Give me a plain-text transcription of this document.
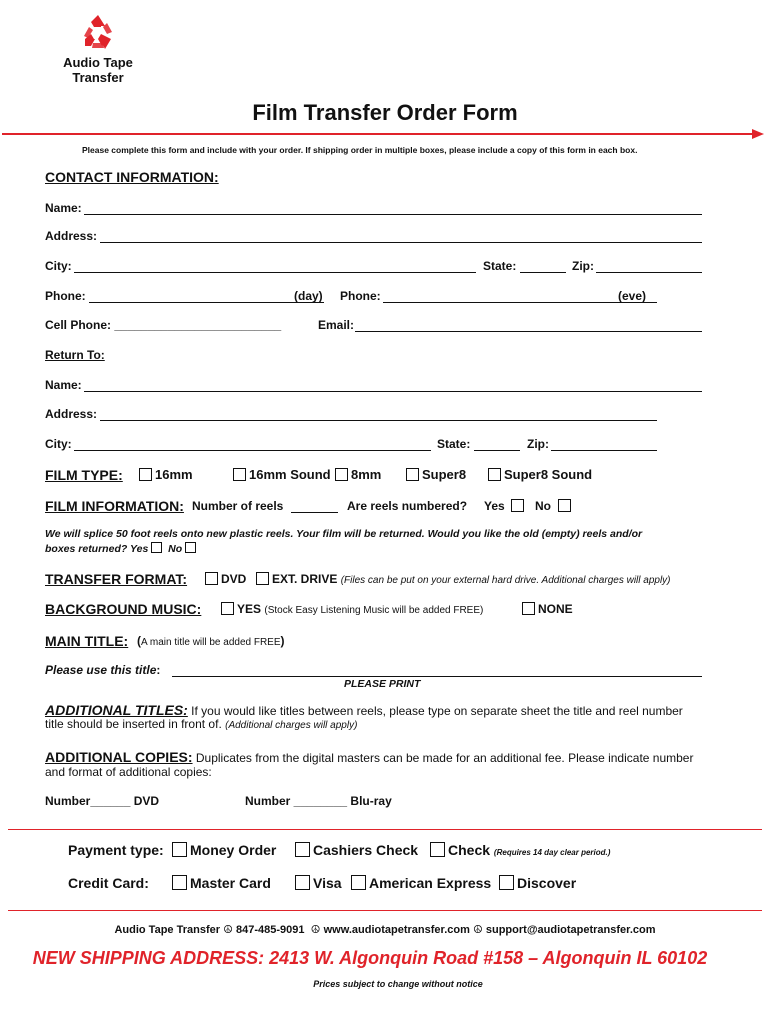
Audio Tape
Transfer
Film Transfer Order Form
Please complete this form and include with your order. If shipping order in multiple boxes, please include a copy of this form in each box.
CONTACT INFORMATION:
Name:
Address:
City:	State:	Zip:
Phone:	(day) Phone:	(eve)
Cell Phone: _________________________	Email:
Return To:
Name:
Address:
City:	State:	Zip:
FILM TYPE:	16mm	16mm Sound	8mm	Super8	Super8 Sound
FILM INFORMATION: Number of reels	Are reels numbered? Yes	No
We will splice 50 foot reels onto new plastic reels. Your film will be returned. Would you like the old (empty) reels and/or
boxes returned? Yes No
TRANSFER FORMAT:	DVD	EXT. DRIVE (Files can be put on your external hard drive. Additional charges will apply)
BACKGROUND MUSIC:	YES (Stock Easy Listening Music will be added FREE)	NONE
MAIN TITLE: (A main title will be added FREE)
Please use this title:
PLEASE PRINT
ADDITIONAL TITLES: If you would like titles between reels, please type on separate sheet the title and reel number
title should be inserted in front of. (Additional charges will apply)
ADDITIONAL COPIES: Duplicates from the digital masters can be made for an additional fee. Please indicate number
and format of additional copies:
Number______ DVD	Number ________ Blu-ray
Payment type:	Money Order	Cashiers Check	Check (Requires 14 day clear period.)
Credit Card:	Master Card	Visa	American Express	Discover
Audio Tape Transfer ☮ 847-485-9091  ☮ www.audiotapetransfer.com ☮ support@audiotapetransfer.com
NEW SHIPPING ADDRESS: 2413 W. Algonquin Road #158 – Algonquin IL 60102
Prices subject to change without notice
